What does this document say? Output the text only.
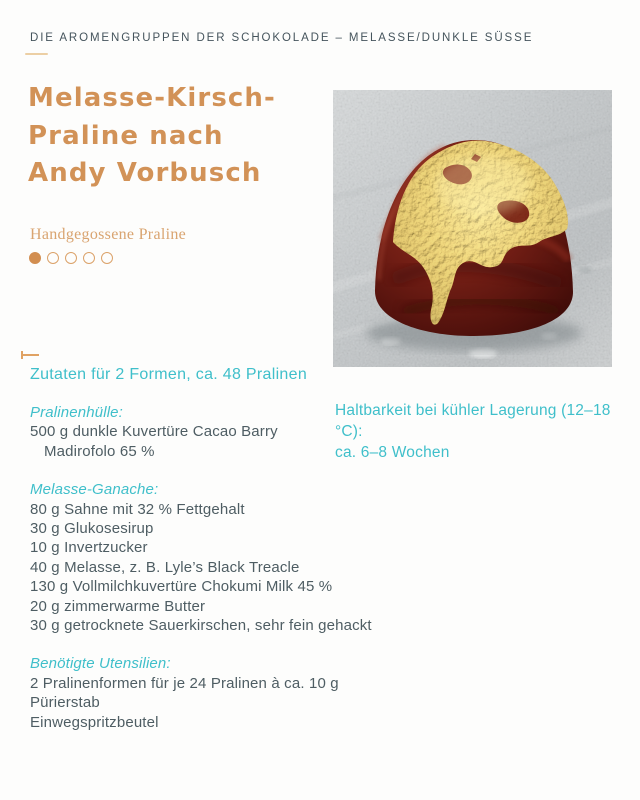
DIE AROMENGRUPPEN DER SCHOKOLADE – MELASSE/DUNKLE SÜSSE
Melasse-Kirsch-
Praline nach
Andy Vorbusch
Handgegossene Praline
Zutaten für 2 Formen, ca. 48 Pralinen
Haltbarkeit bei kühler Lagerung (12–18 °C):
ca. 6–8 Wochen
Pralinenhülle:
500 g dunkle Kuvertüre Cacao Barry
Madirofolo 65 %
Melasse-Ganache:
80 g Sahne mit 32 % Fettgehalt
30 g Glukosesirup
10 g Invertzucker
40 g Melasse, z. B. Lyle’s Black Treacle
130 g Vollmilchkuvertüre Chokumi Milk 45 %
20 g zimmerwarme Butter
30 g getrocknete Sauerkirschen, sehr fein gehackt
Benötigte Utensilien:
2 Pralinenformen für je 24 Pralinen à ca. 10 g
Pürierstab
Einwegspritzbeutel
